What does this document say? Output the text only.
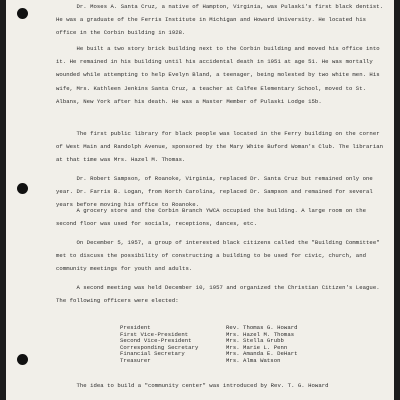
Dr. Moses A. Santa Cruz, a native of Hampton, Virginia, was Pulaski's first black dentist. He was a graduate of the Ferris Institute in Michigan and Howard University. He located his office in the Corbin building in 1928.
He built a two story brick building next to the Corbin building and moved his office into it. He remained in his building until his accidental death in 1951 at age 51. He was mortally wounded while attempting to help Evelyn Bland, a teenager, being molested by two white men. His wife, Mrs. Kathleen Jenkins Santa Cruz, a teacher at Calfee Elementary School, moved to St. Albans, New York after his death. He was a Master Member of Pulaski Lodge 15b.
The first public library for black people was located in the Ferry building on the corner of West Main and Randolph Avenue, sponsored by the Mary White Buford Woman's Club. The librarian at that time was Mrs. Hazel M. Thomas.
Dr. Robert Sampson, of Roanoke, Virginia, replaced Dr. Santa Cruz but remained only one year. Dr. Farris B. Logan, from North Carolina, replaced Dr. Sampson and remained for several years before moving his office to Roanoke.
A grocery store and the Corbin Branch YWCA occupied the building. A large room on the second floor was used for socials, receptions, dances, etc.
On December 5, 1957, a group of interested black citizens called the "Building Committee" met to discuss the possibility of constructing a building to be used for civic, church, and community meetings for youth and adults.
A second meeting was held December 10, 1957 and organized the Christian Citizen's League. The following officers were elected:
President	Rev. Thomas G. Howard
First Vice-President	Mrs. Hazel M. Thomas
Second Vice-President	Mrs. Stella Grubb
Corresponding Secretary	Mrs. Marie L. Penn
Financial Secretary	Mrs. Amanda E. DeHart
Treasurer	Mrs. Alma Watson
The idea to build a "community center" was introduced by Rev. T. G. Howard
